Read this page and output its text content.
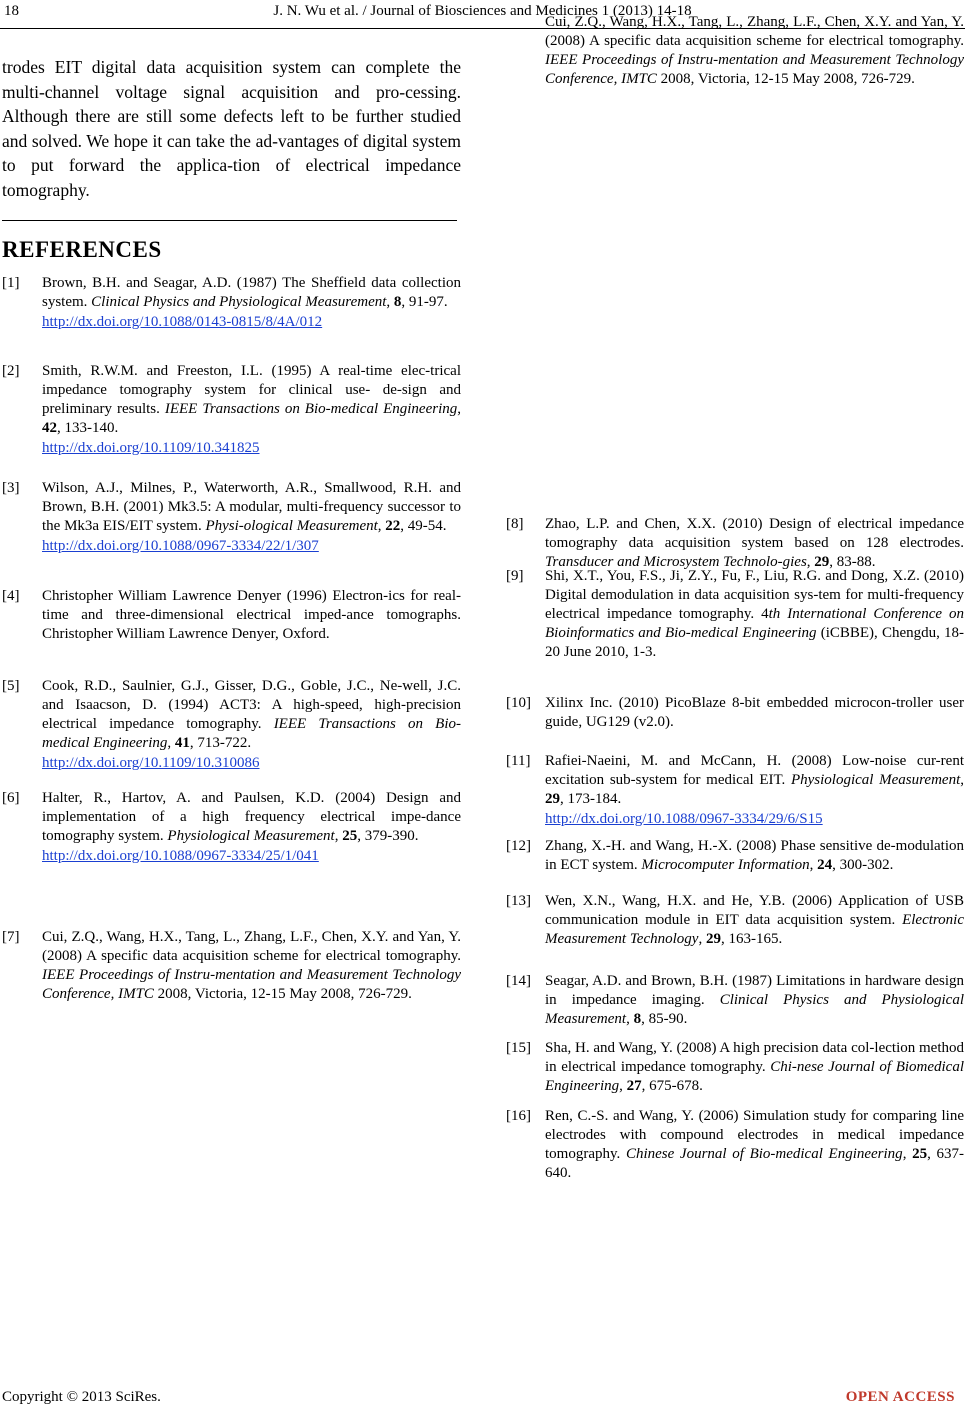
18	J. N. Wu et al. / Journal of Biosciences and Medicines 1 (2013) 14-18

trodes EIT digital data acquisition system can complete the multi-channel voltage signal acquisition and pro-cessing. Although there are still some defects left to be further studied and solved. We hope it can take the ad-vantages of digital system to put forward the applica-tion of electrical impedance tomography.

REFERENCES
[1] Brown, B.H. and Seagar, A.D. (1987) The Sheffield data collection system. Clinical Physics and Physiological Measurement, 8, 91-97.
http://dx.doi.org/10.1088/0143-0815/8/4A/012
[2] Smith, R.W.M. and Freeston, I.L. (1995) A real-time elec-trical impedance tomography system for clinical use- de-sign and preliminary results. IEEE Transactions on Bio-medical Engineering, 42, 133-140.
http://dx.doi.org/10.1109/10.341825
[3] Wilson, A.J., Milnes, P., Waterworth, A.R., Smallwood, R.H. and Brown, B.H. (2001) Mk3.5: A modular, multi-frequency successor to the Mk3a EIS/EIT system. Physi-ological Measurement, 22, 49-54.
http://dx.doi.org/10.1088/0967-3334/22/1/307
[4] Christopher William Lawrence Denyer (1996) Electron-ics for real-time and three-dimensional electrical imped-ance tomographs. Christopher William Lawrence Denyer, Oxford.
[5] Cook, R.D., Saulnier, G.J., Gisser, D.G., Goble, J.C., Ne-well, J.C. and Isaacson, D. (1994) ACT3: A high-speed, high-precision electrical impedance tomography. IEEE Transactions on Bio- medical Engineering, 41, 713-722.
http://dx.doi.org/10.1109/10.310086
[6] Halter, R., Hartov, A. and Paulsen, K.D. (2004) Design and implementation of a high frequency electrical impe-dance tomography system. Physiological Measurement, 25, 379-390.
http://dx.doi.org/10.1088/0967-3334/25/1/041
[7] Cui, Z.Q., Wang, H.X., Tang, L., Zhang, L.F., Chen, X.Y. and Yan, Y. (2008) A specific data acquisition scheme for electrical tomography. IEEE Proceedings of Instru-mentation and Measurement Technology Conference, IMTC 2008, Victoria, 12-15 May 2008, 726-729.
[8] Zhao, L.P. and Chen, X.X. (2010) Design of electrical impedance tomography data acquisition system based on 128 electrodes. Transducer and Microsystem Technolo-gies, 29, 83-88.
[9] Shi, X.T., You, F.S., Ji, Z.Y., Fu, F., Liu, R.G. and Dong, X.Z. (2010) Digital demodulation in data acquisition sys-tem for multi-frequency electrical impedance tomography. 4th International Conference on Bioinformatics and Bio-medical Engineering (iCBBE), Chengdu, 18-20 June 2010, 1-3.
[10] Xilinx Inc. (2010) PicoBlaze 8-bit embedded microcon-troller user guide, UG129 (v2.0).
[11] Rafiei-Naeini, M. and McCann, H. (2008) Low-noise cur-rent excitation sub-system for medical EIT. Physiological Measurement, 29, 173-184.
http://dx.doi.org/10.1088/0967-3334/29/6/S15
[12] Zhang, X.-H. and Wang, H.-X. (2008) Phase sensitive de-modulation in ECT system. Microcomputer Information, 24, 300-302.
[13] Wen, X.N., Wang, H.X. and He, Y.B. (2006) Application of USB communication module in EIT data acquisition system. Electronic Measurement Technology, 29, 163-165.
[14] Seagar, A.D. and Brown, B.H. (1987) Limitations in hardware design in impedance imaging. Clinical Physics and Physiological Measurement, 8, 85-90.
[15] Sha, H. and Wang, Y. (2008) A high precision data col-lection method in electrical impedance tomography. Chi-nese Journal of Biomedical Engineering, 27, 675-678.
[16] Ren, C.-S. and Wang, Y. (2006) Simulation study for comparing line electrodes with compound electrodes in medical impedance tomography. Chinese Journal of Bio-medical Engineering, 25, 637-640.
Cui, Z.Q., Wang, H.X., Tang, L., Zhang, L.F., Chen, X.Y. and Yan, Y. (2008) A specific data acquisition scheme for electrical tomography. IEEE Proceedings of Instru-mentation and Measurement Technology Conference, IMTC 2008, Victoria, 12-15 May 2008, 726-729.
Copyright © 2013 SciRes.	OPEN ACCESS
